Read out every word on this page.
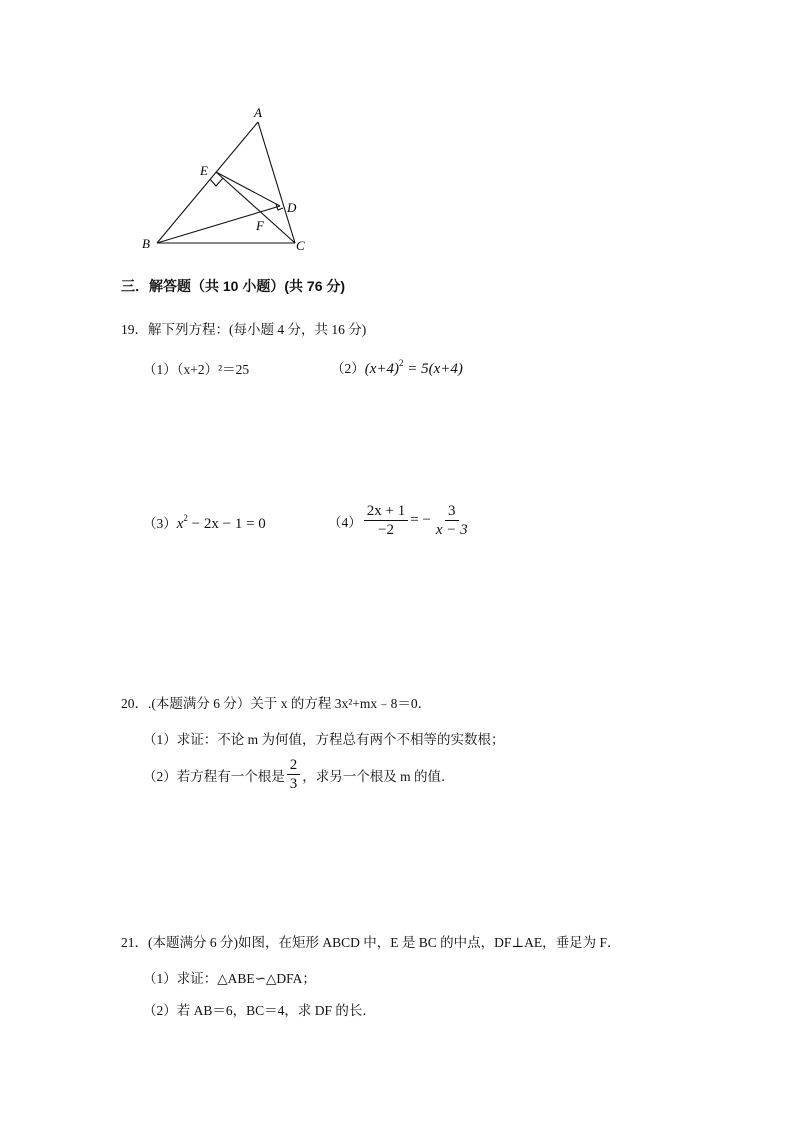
A
E
D
F
B	C
三．解答题（共 10 小题）(共 76 分)
19．解下列方程：(每小题 4 分，共 16 分)
（1）（x+2）²＝25	$(2)(x+4)^2 = 5(x+4)$
$(3)x^2 - 2x - 1 = 0$	$(4) \frac{2x + 1}{-2}$ = − $\frac{3}{x - 3}$
20．.(本题满分 6 分）关于 x 的方程 3x²+mx﹣8＝0．
（1）求证：不论 m 为何值，方程总有两个不相等的实数根；
（2）若方程有一个根是 $\frac{2}{3}$ ，求另一个根及 m 的值．
21．(本题满分 6 分)如图，在矩形 ABCD 中，E 是 BC 的中点，DF⊥AE，垂足为 F．
（1）求证：△ABE∽△DFA；
（2）若 AB＝6，BC＝4，求 DF 的长．
